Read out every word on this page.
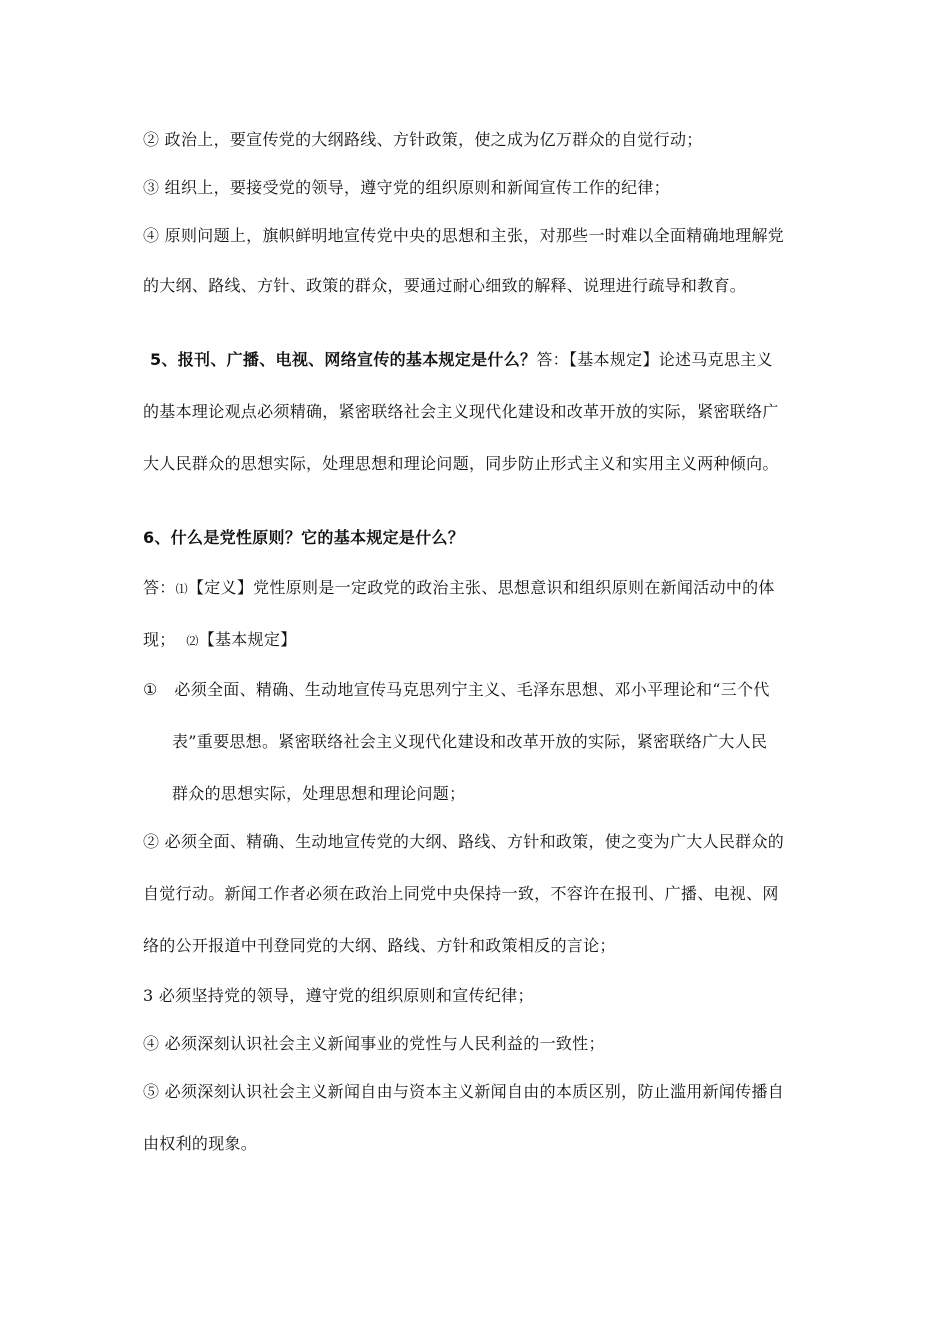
② 政治上，要宣传党的大纲路线、方针政策，使之成为亿万群众的自觉行动；
③ 组织上，要接受党的领导，遵守党的组织原则和新闻宣传工作的纪律；
④ 原则问题上，旗帜鲜明地宣传党中央的思想和主张，对那些一时难以全面精确地理解党
的大纲、路线、方针、政策的群众，要通过耐心细致的解释、说理进行疏导和教育。
5、报刊、广播、电视、网络宣传的基本规定是什么？答：【基本规定】论述马克思主义
的基本理论观点必须精确，紧密联络社会主义现代化建设和改革开放的实际，紧密联络广
大人民群众的思想实际，处理思想和理论问题，同步防止形式主义和实用主义两种倾向。
6、什么是党性原则？它的基本规定是什么？
答：⑴【定义】党性原则是一定政党的政治主张、思想意识和组织原则在新闻活动中的体
现； ⑵【基本规定】
① 必须全面、精确、生动地宣传马克思列宁主义、毛泽东思想、邓小平理论和“三个代
表”重要思想。紧密联络社会主义现代化建设和改革开放的实际，紧密联络广大人民
群众的思想实际，处理思想和理论问题；
② 必须全面、精确、生动地宣传党的大纲、路线、方针和政策，使之变为广大人民群众的
自觉行动。新闻工作者必须在政治上同党中央保持一致，不容许在报刊、广播、电视、网
络的公开报道中刊登同党的大纲、路线、方针和政策相反的言论；
3 必须坚持党的领导，遵守党的组织原则和宣传纪律；
④ 必须深刻认识社会主义新闻事业的党性与人民利益的一致性；
⑤ 必须深刻认识社会主义新闻自由与资本主义新闻自由的本质区别，防止滥用新闻传播自
由权利的现象。
